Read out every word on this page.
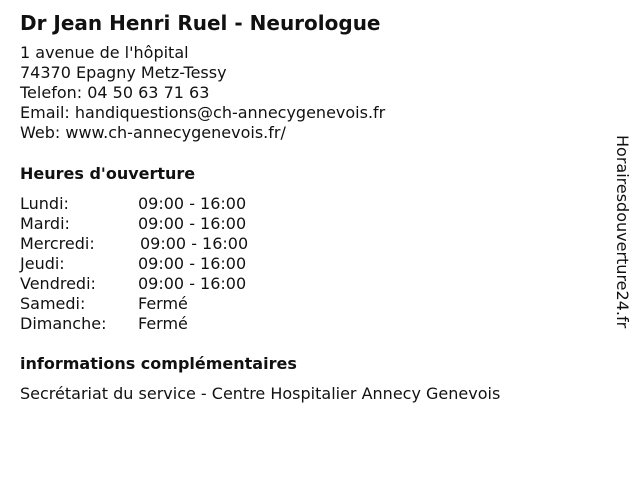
Dr Jean Henri Ruel - Neurologue
1 avenue de l'hôpital
74370 Epagny Metz-Tessy
Telefon: 04 50 63 71 63
Email: handiquestions@ch-annecygenevois.fr
Web: www.ch-annecygenevois.fr/
Heures d'ouverture
Lundi:	09:00 - 16:00
Mardi:	09:00 - 16:00
Mercredi:	09:00 - 16:00
Jeudi:	09:00 - 16:00
Vendredi:	09:00 - 16:00
Samedi:	Fermé
Dimanche: Fermé
informations complémentaires
Secrétariat du service - Centre Hospitalier Annecy Genevois
Horairesdouverture24.fr
